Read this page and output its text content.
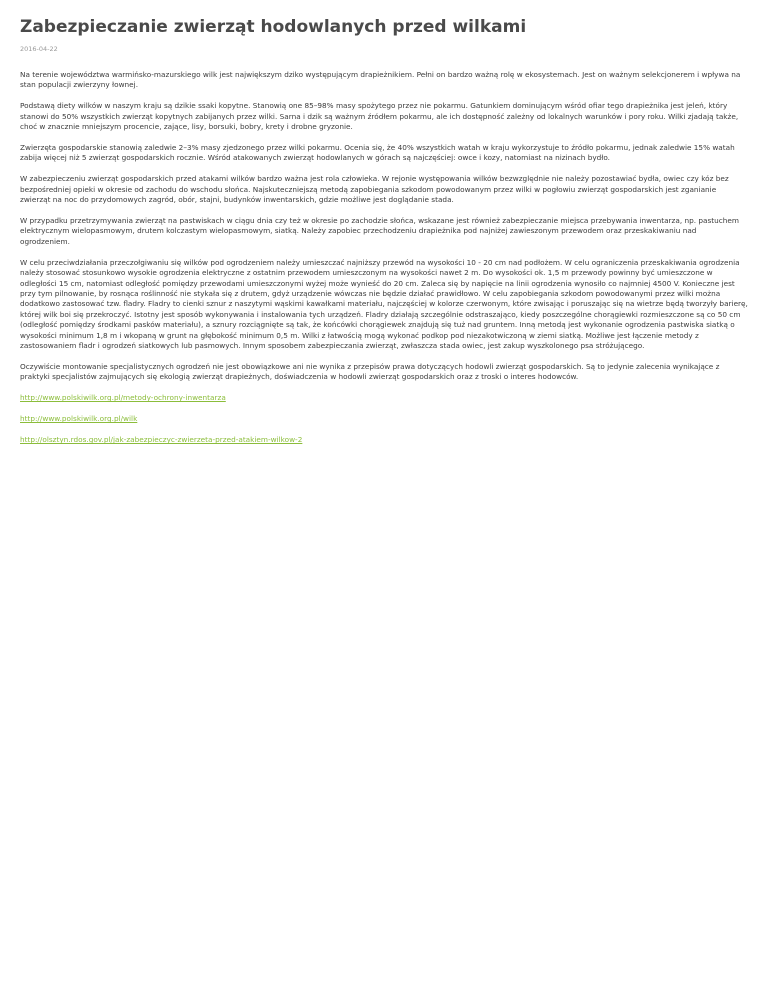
Zabezpieczanie zwierząt hodowlanych przed wilkami
2016-04-22

Na terenie województwa warmińsko-mazurskiego wilk jest największym dziko występującym drapieżnikiem. Pełni on bardzo ważną rolę w ekosystemach. Jest on ważnym selekcjonerem i wpływa na stan populacji zwierzyny łownej.

Podstawą diety wilków w naszym kraju są dzikie ssaki kopytne. Stanowią one 85–98% masy spożytego przez nie pokarmu. Gatunkiem dominującym wśród ofiar tego drapieżnika jest jeleń, który stanowi do 50% wszystkich zwierząt kopytnych zabijanych przez wilki. Sarna i dzik są ważnym źródłem pokarmu, ale ich dostępność zależny od lokalnych warunków i pory roku. Wilki zjadają także, choć w znacznie mniejszym procencie, zające, lisy, borsuki, bobry, krety i drobne gryzonie.

Zwierzęta gospodarskie stanowią zaledwie 2–3% masy zjedzonego przez wilki pokarmu. Ocenia się, że 40% wszystkich watah w kraju wykorzystuje to źródło pokarmu, jednak zaledwie 15% watah zabija więcej niż 5 zwierząt gospodarskich rocznie. Wśród atakowanych zwierząt hodowlanych w górach są najczęściej: owce i kozy, natomiast na nizinach bydło.

W zabezpieczeniu zwierząt gospodarskich przed atakami wilków bardzo ważna jest rola człowieka. W rejonie występowania wilków bezwzględnie nie należy pozostawiać bydła, owiec czy kóz bez bezpośredniej opieki w okresie od zachodu do wschodu słońca. Najskuteczniejszą metodą zapobiegania szkodom powodowanym przez wilki w pogłowiu zwierząt gospodarskich jest zganianie zwierząt na noc do przydomowych zagród, obór, stajni, budynków inwentarskich, gdzie możliwe jest doglądanie stada.

W przypadku przetrzymywania zwierząt na pastwiskach w ciągu dnia czy też w okresie po zachodzie słońca, wskazane jest również zabezpieczanie miejsca przebywania inwentarza, np. pastuchem elektrycznym wielopasmowym, drutem kolczastym wielopasmowym, siatką. Należy zapobiec przechodzeniu drapieżnika pod najniżej zawieszonym przewodem oraz przeskakiwaniu nad ogrodzeniem.

W celu przeciwdziałania przeczołgiwaniu się wilków pod ogrodzeniem należy umieszczać najniższy przewód na wysokości 10 - 20 cm nad podłożem. W celu ograniczenia przeskakiwania ogrodzenia należy stosować stosunkowo wysokie ogrodzenia elektryczne z ostatnim przewodem umieszczonym na wysokości nawet 2 m. Do wysokości ok. 1,5 m przewody powinny być umieszczone w odległości 15 cm, natomiast odległość pomiędzy przewodami umieszczonymi wyżej może wynieść do 20 cm. Zaleca się by napięcie na linii ogrodzenia wynosiło co najmniej 4500 V. Konieczne jest przy tym pilnowanie, by rosnąca roślinność nie stykała się z drutem, gdyż urządzenie wówczas nie będzie działać prawidłowo. W celu zapobiegania szkodom powodowanymi przez wilki można dodatkowo zastosować tzw. fladry. Fladry to cienki sznur z naszytymi wąskimi kawałkami materiału, najczęściej w kolorze czerwonym, które zwisając i poruszając się na wietrze będą tworzyły barierę, której wilk boi się przekroczyć. Istotny jest sposób wykonywania i instalowania tych urządzeń. Fladry działają szczególnie odstraszająco, kiedy poszczególne chorągiewki rozmieszczone są co 50 cm (odległość pomiędzy środkami pasków materiału), a sznury rozciągnięte są tak, że końcówki chorągiewek znajdują się tuż nad gruntem. Inną metodą jest wykonanie ogrodzenia pastwiska siatką o wysokości minimum 1,8 m i wkopaną w grunt na głębokość minimum 0,5 m. Wilki z łatwością mogą wykonać podkop pod niezakotwiczoną w ziemi siatką. Możliwe jest łączenie metody z zastosowaniem fladr i ogrodzeń siatkowych lub pasmowych. Innym sposobem zabezpieczania zwierząt, zwłaszcza stada owiec, jest zakup wyszkolonego psa stróżującego.

Oczywiście montowanie specjalistycznych ogrodzeń nie jest obowiązkowe ani nie wynika z przepisów prawa dotyczących hodowli zwierząt gospodarskich. Są to jedynie zalecenia wynikające z praktyki specjalistów zajmujących się ekologią zwierząt drapieżnych, doświadczenia w hodowli zwierząt gospodarskich oraz z troski o interes hodowców.

http://www.polskiwilk.org.pl/metody-ochrony-inwentarza

http://www.polskiwilk.org.pl/wilk

http://olsztyn.rdos.gov.pl/jak-zabezpieczyc-zwierzeta-przed-atakiem-wilkow-2
